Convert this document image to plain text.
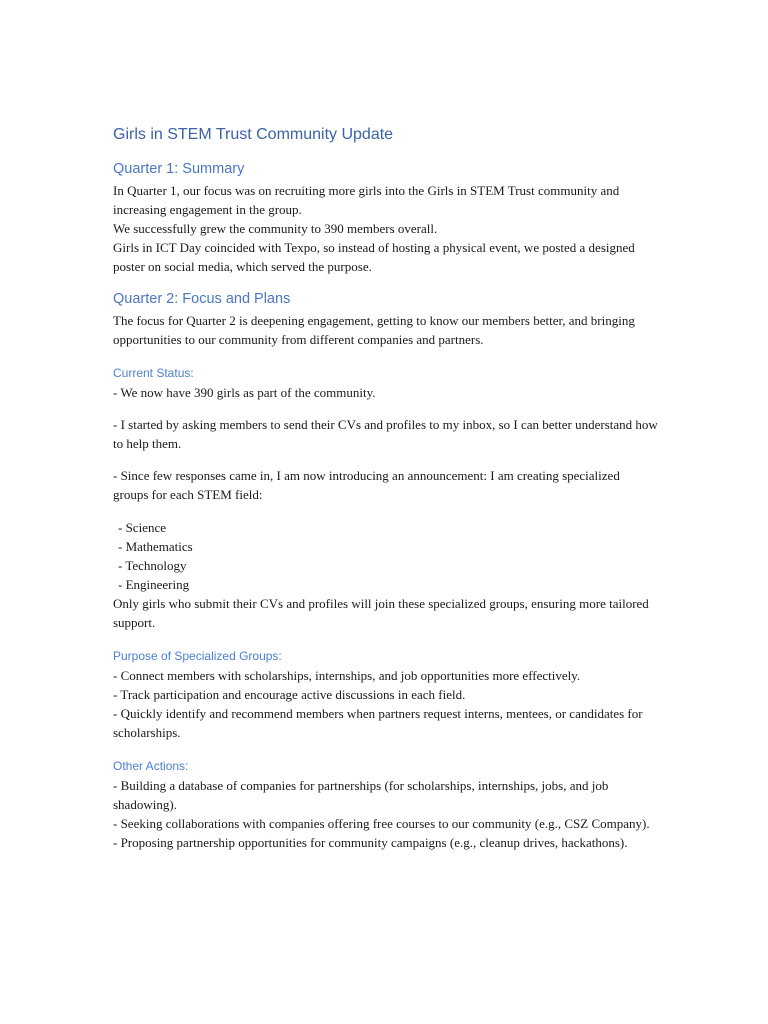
Girls in STEM Trust Community Update
Quarter 1: Summary

In Quarter 1, our focus was on recruiting more girls into the Girls in STEM Trust community and increasing engagement in the group.

We successfully grew the community to 390 members overall.

Girls in ICT Day coincided with Texpo, so instead of hosting a physical event, we posted a designed poster on social media, which served the purpose.

Quarter 2: Focus and Plans

The focus for Quarter 2 is deepening engagement, getting to know our members better, and bringing opportunities to our community from different companies and partners.

Current Status:

- We now have 390 girls as part of the community.

- I started by asking members to send their CVs and profiles to my inbox, so I can better understand how to help them.

- Since few responses came in, I am now introducing an announcement: I am creating specialized groups for each STEM field:

- Science
- Mathematics
- Technology
- Engineering

Only girls who submit their CVs and profiles will join these specialized groups, ensuring more tailored support.

Purpose of Specialized Groups:

- Connect members with scholarships, internships, and job opportunities more effectively.

- Track participation and encourage active discussions in each field.

- Quickly identify and recommend members when partners request interns, mentees, or candidates for scholarships.

Other Actions:

- Building a database of companies for partnerships (for scholarships, internships, jobs, and job shadowing).

- Seeking collaborations with companies offering free courses to our community (e.g., CSZ Company).

- Proposing partnership opportunities for community campaigns (e.g., cleanup drives, hackathons).
